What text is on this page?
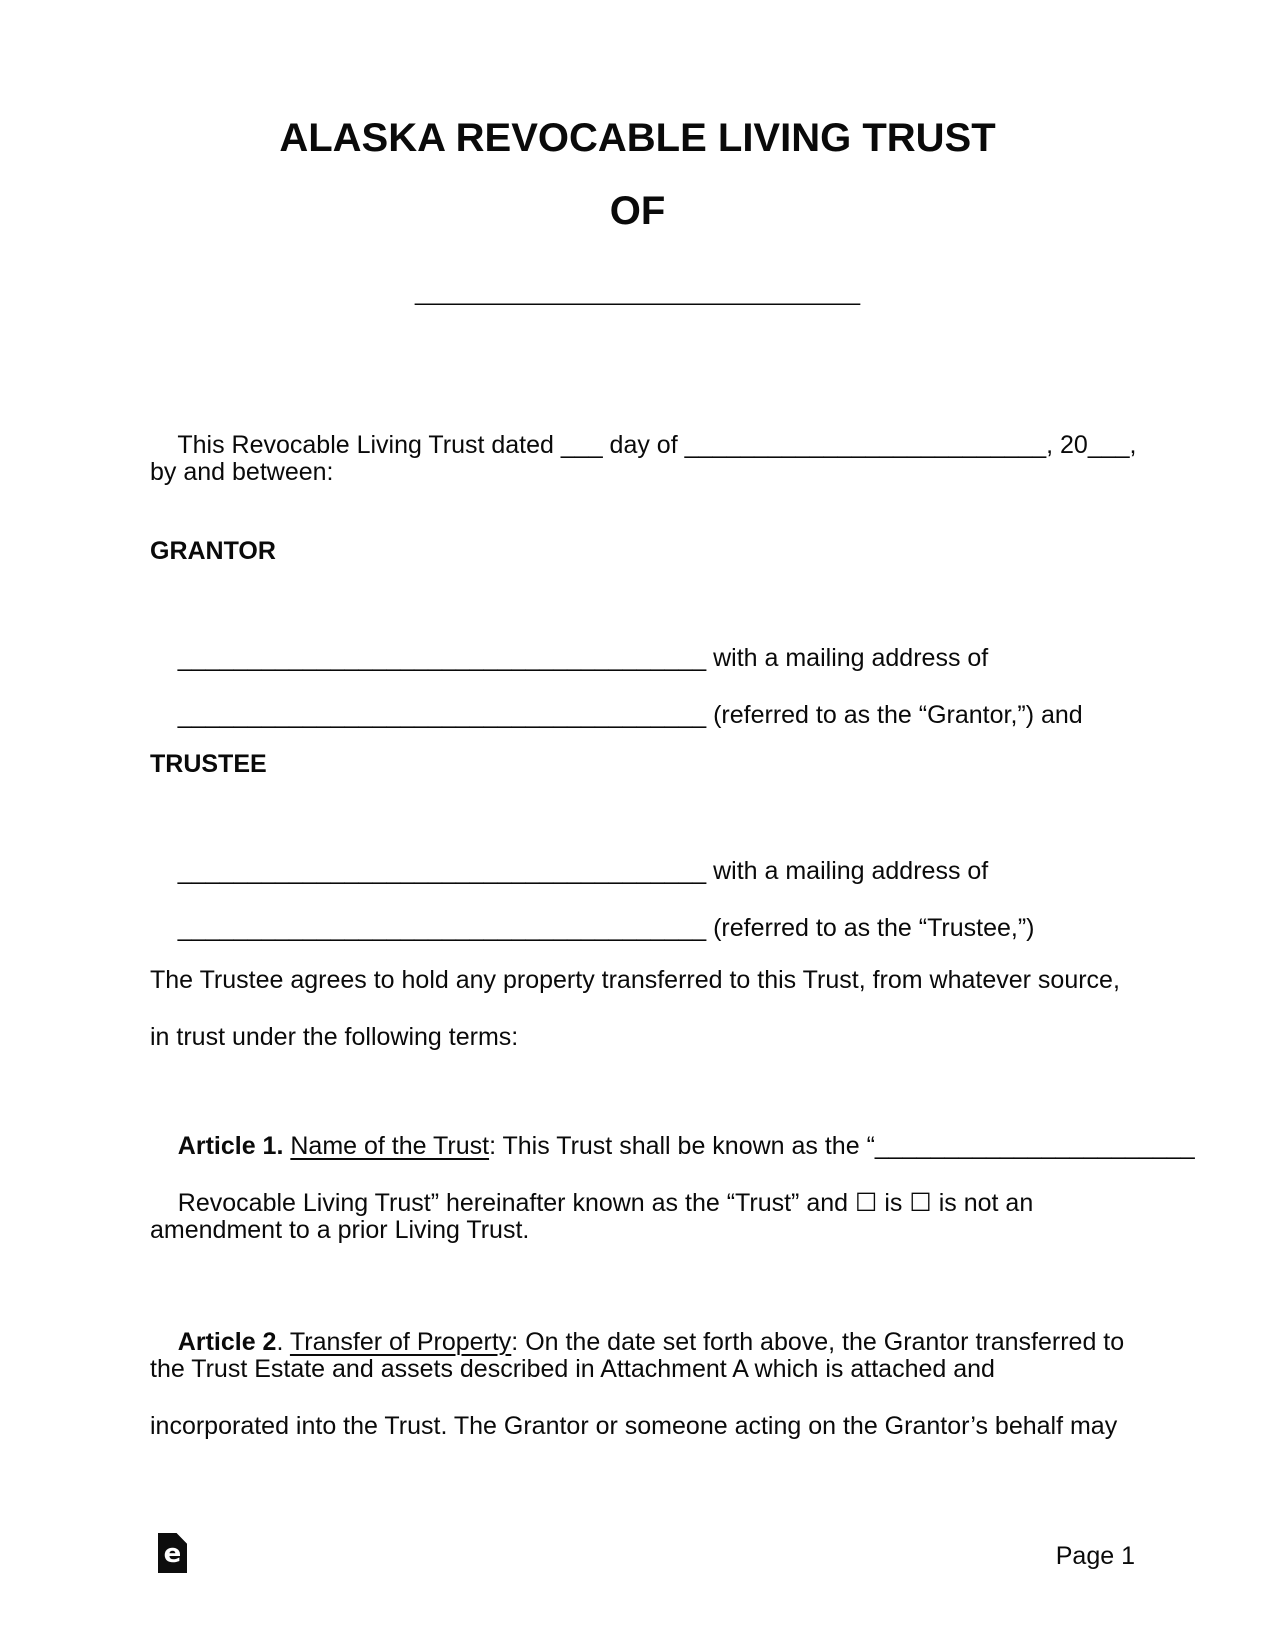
ALASKA REVOCABLE LIVING TRUST
OF
____________________

This Revocable Living Trust dated ___ day of __________________________, 20___,

by and between:
GRANTOR

______________________________________ with a mailing address of

______________________________________ (referred to as the “Grantor,”) and

TRUSTEE

______________________________________ with a mailing address of

______________________________________ (referred to as the “Trustee,”)

The Trustee agrees to hold any property transferred to this Trust, from whatever source,
in trust under the following terms:

Article 1. Name of the Trust: This Trust shall be known as the “_______________________

Revocable Living Trust” hereinafter known as the “Trust” and ☐ is ☐ is not an

amendment to a prior Living Trust.

Article 2. Transfer of Property: On the date set forth above, the Grantor transferred to

the Trust Estate and assets described in Attachment A which is attached and
incorporated into the Trust. The Grantor or someone acting on the Grantor’s behalf may
e	Page 1
